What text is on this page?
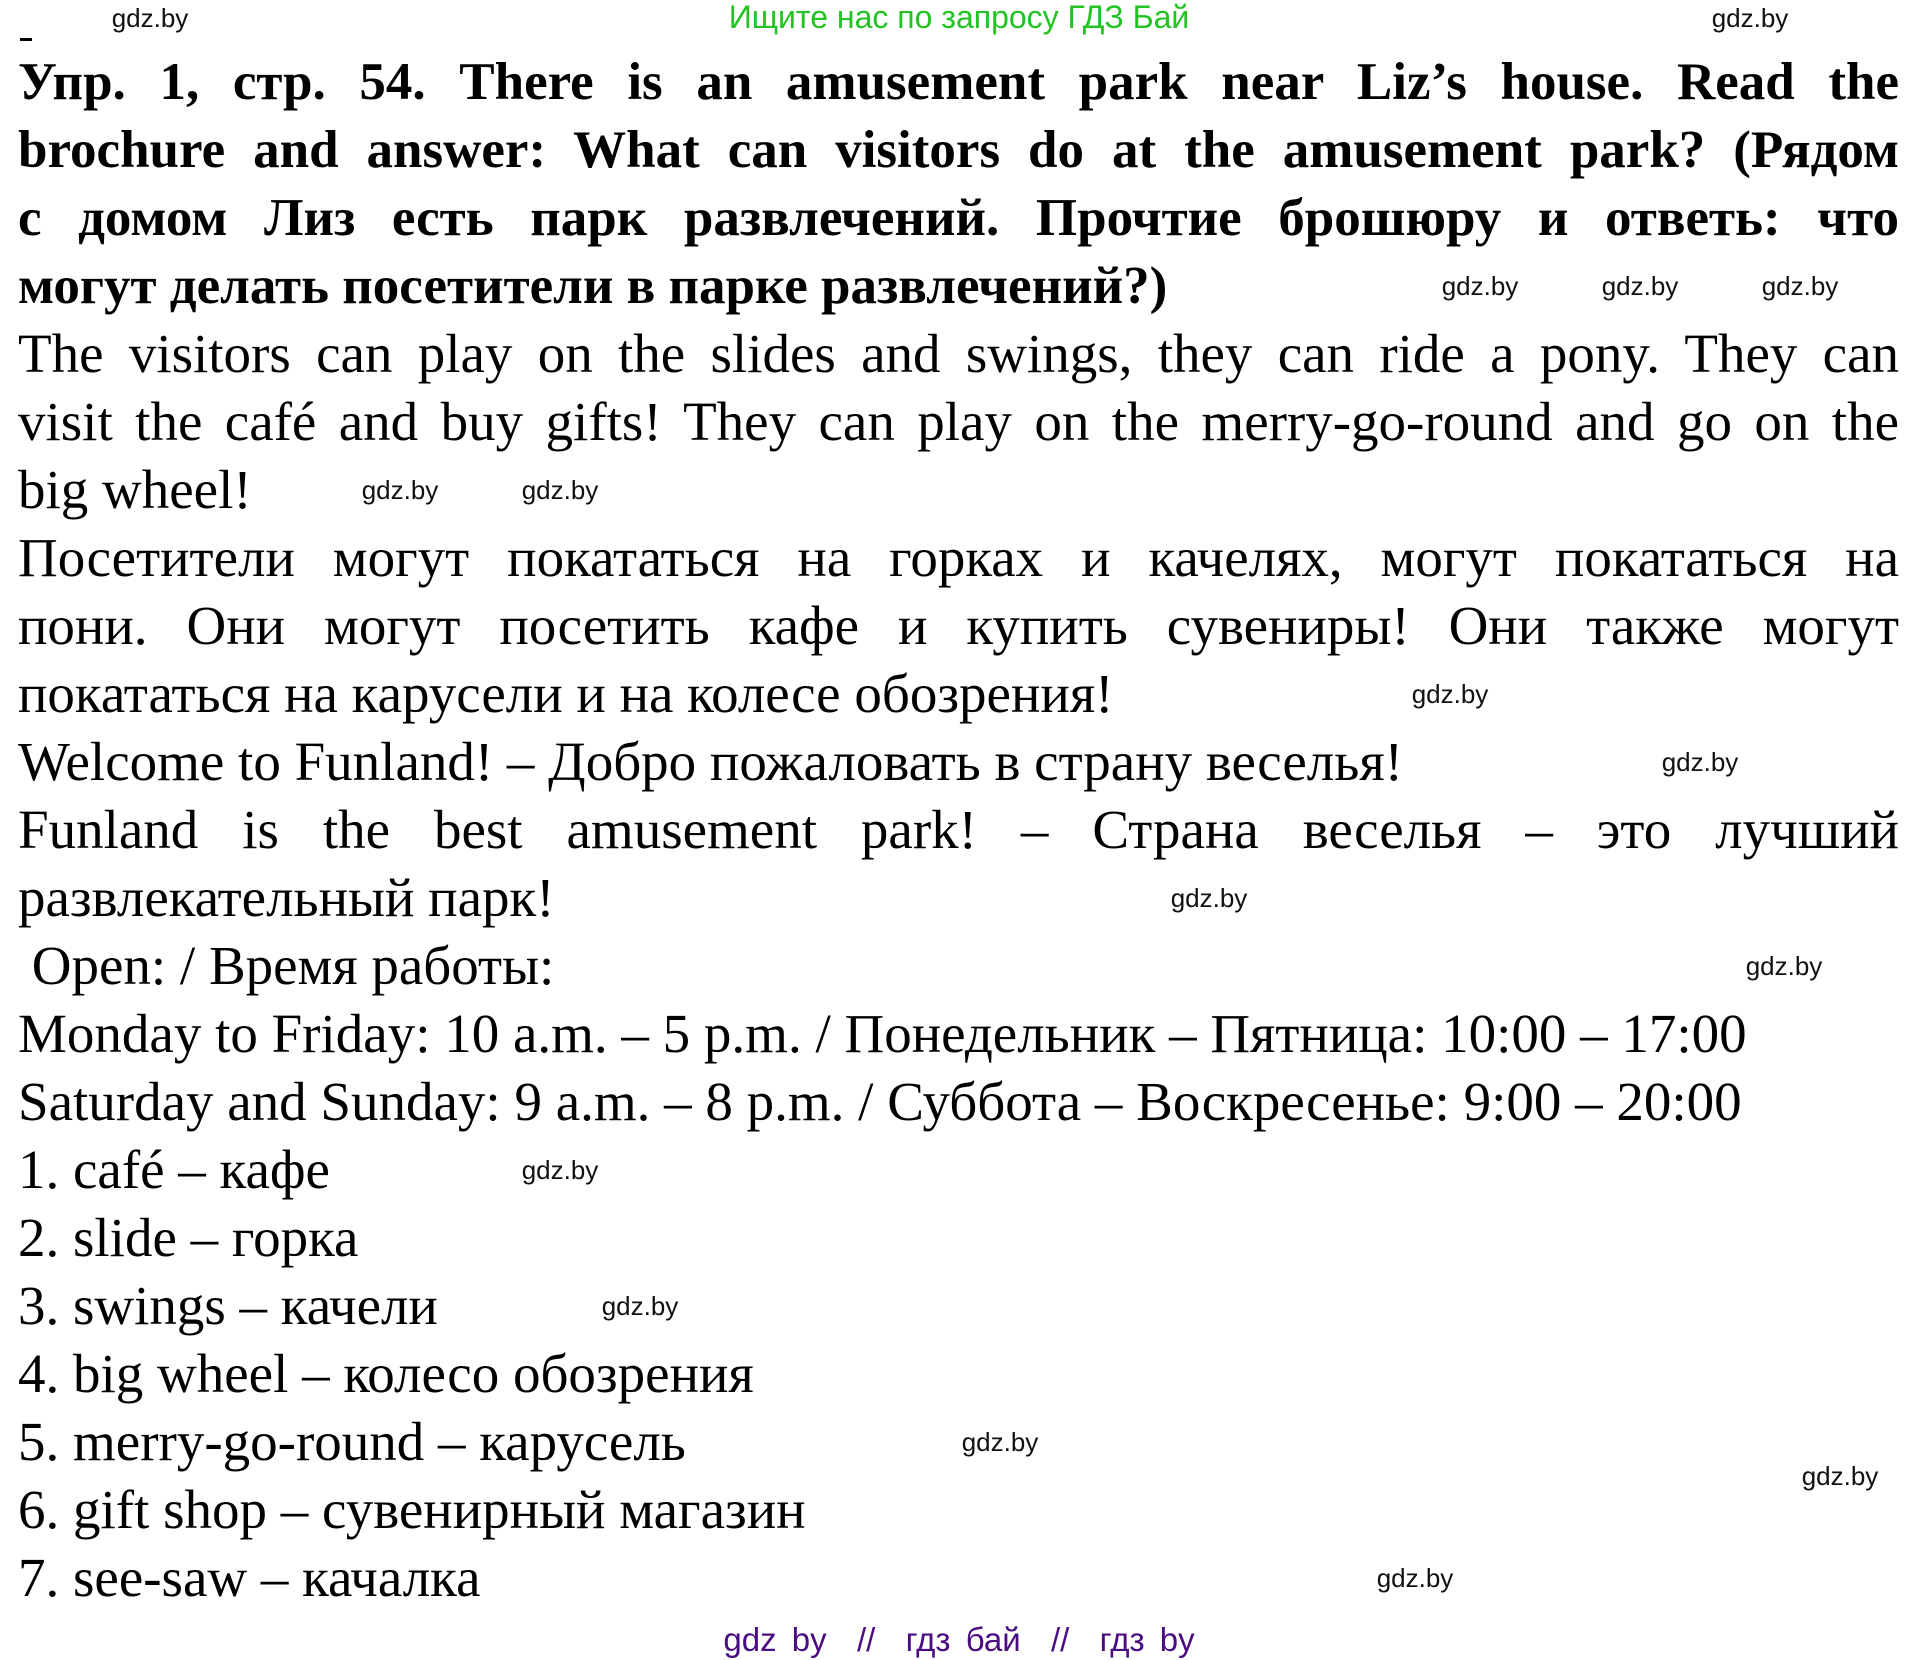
Ищите нас по запросу ГДЗ Бай
Упр. 1, стр. 54. There is an amusement park near Liz’s house. Read the
brochure and answer: What can visitors do at the amusement park? (Рядом
с домом Лиз есть парк развлечений. Прочтие брошюру и ответь: что
могут делать посетители в парке развлечений?)
The visitors can play on the slides and swings, they can ride a pony. They can
visit the café and buy gifts! They can play on the merry-go-round and go on the
big wheel!
Посетители могут покататься на горках и качелях, могут покататься на
пони. Они могут посетить кафе и купить сувениры! Они также могут
покататься на карусели и на колесе обозрения!
Welcome to Funland! – Добро пожаловать в страну веселья!
Funland is the best amusement park! – Страна веселья – это лучший
развлекательный парк!
Open: / Время работы:
Monday to Friday: 10 a.m. – 5 p.m. / Понедельник – Пятница: 10:00 – 17:00
Saturday and Sunday: 9 a.m. – 8 p.m. / Суббота – Воскресенье: 9:00 – 20:00
1. café – кафе
2. slide – горка
3. swings – качели
4. big wheel – колесо обозрения
5. merry-go-round – карусель
6. gift shop – сувенирный магазин
7. see-saw – качалка
gdz.by
gdz.by
gdz.by	gdz.by	gdz.by
gdz.by	gdz.by
gdz.by
gdz.by
gdz.by
gdz.by
gdz.by
gdz.by
gdz.by
gdz.by
gdz.by
gdz by  //  гдз бай  //  гдз by
